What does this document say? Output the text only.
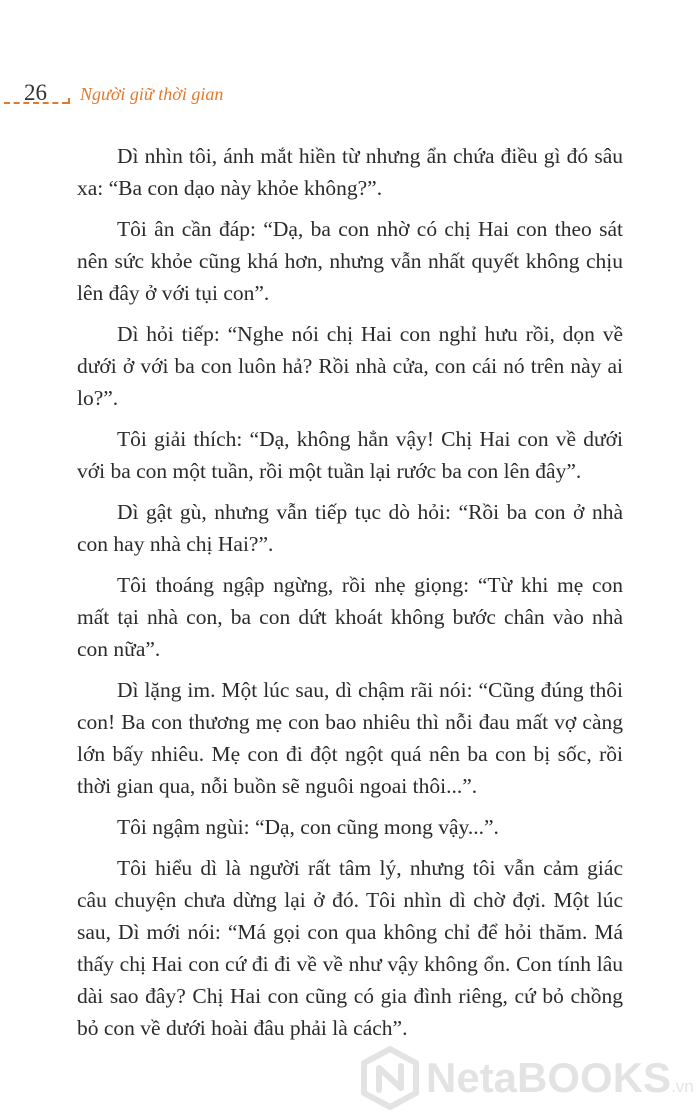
26 Người giữ thời gian

Dì nhìn tôi, ánh mắt hiền từ nhưng ẩn chứa điều gì đó sâu xa: “Ba con dạo này khỏe không?”.

Tôi ân cần đáp: “Dạ, ba con nhờ có chị Hai con theo sát nên sức khỏe cũng khá hơn, nhưng vẫn nhất quyết không chịu lên đây ở với tụi con”.

Dì hỏi tiếp: “Nghe nói chị Hai con nghỉ hưu rồi, dọn về dưới ở với ba con luôn hả? Rồi nhà cửa, con cái nó trên này ai lo?”.

Tôi giải thích: “Dạ, không hẳn vậy! Chị Hai con về dưới với ba con một tuần, rồi một tuần lại rước ba con lên đây”.

Dì gật gù, nhưng vẫn tiếp tục dò hỏi: “Rồi ba con ở nhà con hay nhà chị Hai?”.

Tôi thoáng ngập ngừng, rồi nhẹ giọng: “Từ khi mẹ con mất tại nhà con, ba con dứt khoát không bước chân vào nhà con nữa”.

Dì lặng im. Một lúc sau, dì chậm rãi nói: “Cũng đúng thôi con! Ba con thương mẹ con bao nhiêu thì nỗi đau mất vợ càng lớn bấy nhiêu. Mẹ con đi đột ngột quá nên ba con bị sốc, rồi thời gian qua, nỗi buồn sẽ nguôi ngoai thôi...”.

Tôi ngậm ngùi: “Dạ, con cũng mong vậy...”.

Tôi hiểu dì là người rất tâm lý, nhưng tôi vẫn cảm giác câu chuyện chưa dừng lại ở đó. Tôi nhìn dì chờ đợi. Một lúc sau, Dì mới nói: “Má gọi con qua không chỉ để hỏi thăm. Má thấy chị Hai con cứ đi đi về về như vậy không ổn. Con tính lâu dài sao đây? Chị Hai con cũng có gia đình riêng, cứ bỏ chồng bỏ con về dưới hoài đâu phải là cách”.

NetaBOOKS.vn
